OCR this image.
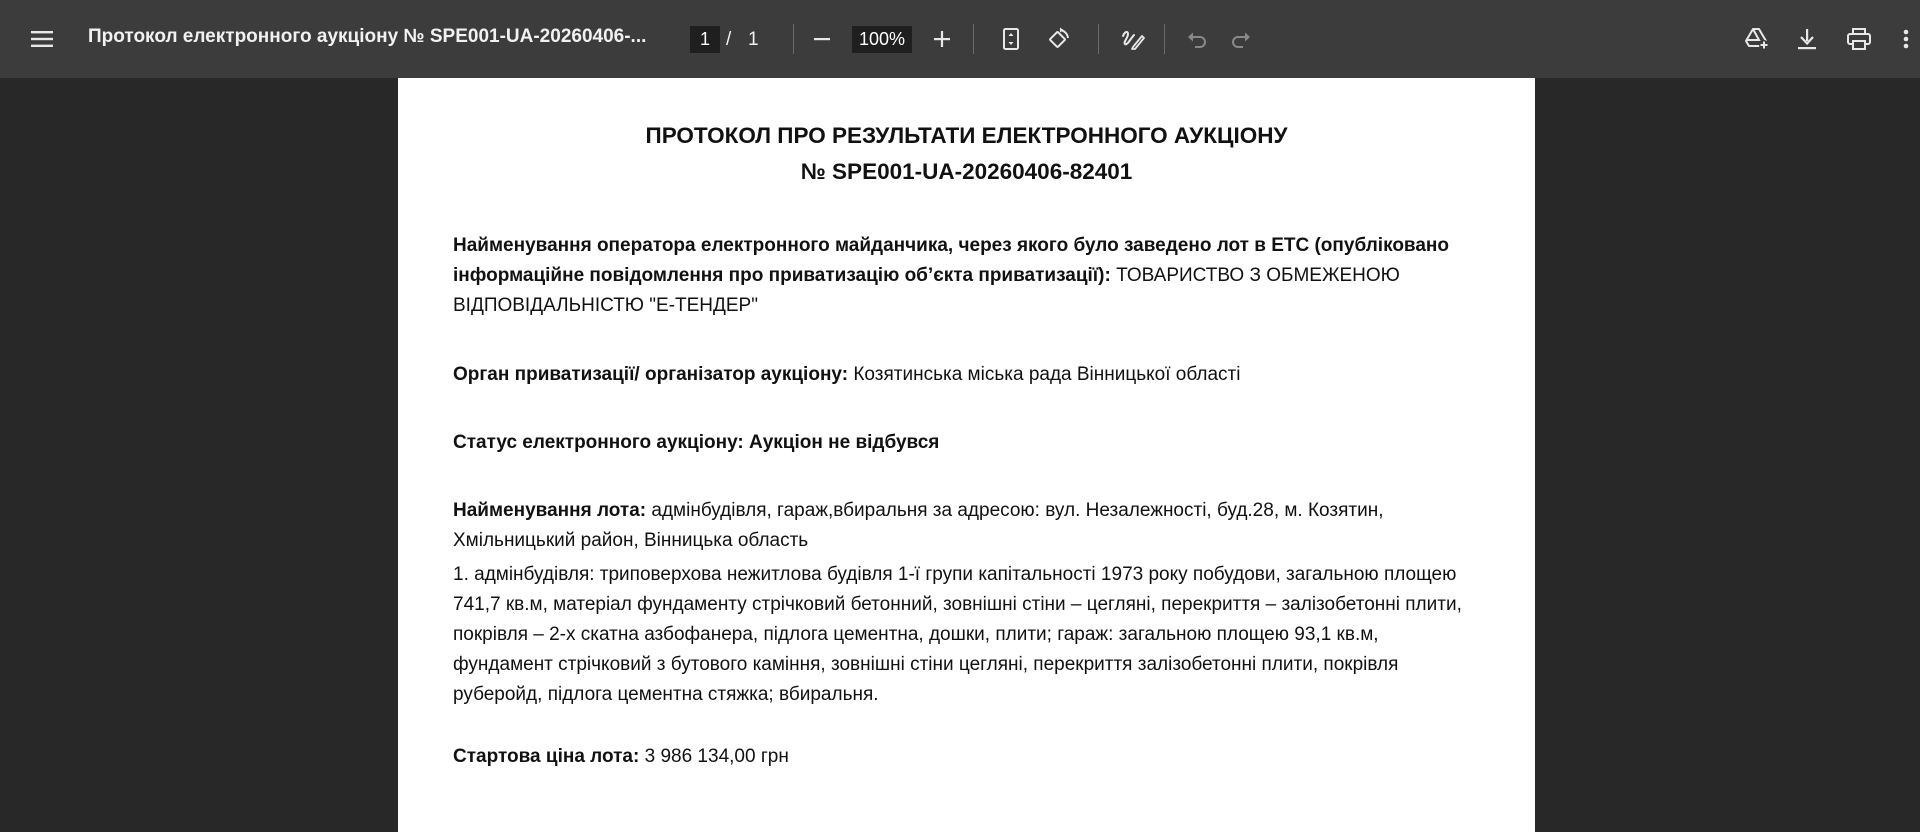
Протокол електронного аукціону № SPE001-UA-20260406-...
1	/ 1	100%
ПРОТОКОЛ ПРО РЕЗУЛЬТАТИ ЕЛЕКТРОННОГО АУКЦІОНУ
№ SPE001-UA-20260406-82401

Найменування оператора електронного майданчика, через якого було заведено лот в ЕТС (опубліковано інформаційне повідомлення про приватизацію об’єкта приватизації): ТОВАРИСТВО З ОБМЕЖЕНОЮ ВІДПОВІДАЛЬНІСТЮ "Е-ТЕНДЕР"

Орган приватизації/ організатор аукціону: Козятинська міська рада Вінницької області

Статус електронного аукціону: Аукціон не відбувся

Найменування лота: адмінбудівля, гараж,вбиральня за адресою: вул. Незалежності, буд.28, м. Козятин, Хмільницький район, Вінницька область

1. адмінбудівля: триповерхова нежитлова будівля 1-ї групи капітальності 1973 року побудови, загальною площею 741,7 кв.м, матеріал фундаменту стрічковий бетонний, зовнішні стіни – цегляні, перекриття – залізобетонні плити, покрівля – 2-х скатна азбофанера, підлога цементна, дошки, плити; гараж: загальною площею 93,1 кв.м, фундамент стрічковий з бутового каміння, зовнішні стіни цегляні, перекриття залізобетонні плити, покрівля руберойд, підлога цементна стяжка; вбиральня.

Стартова ціна лота: 3 986 134,00 грн
